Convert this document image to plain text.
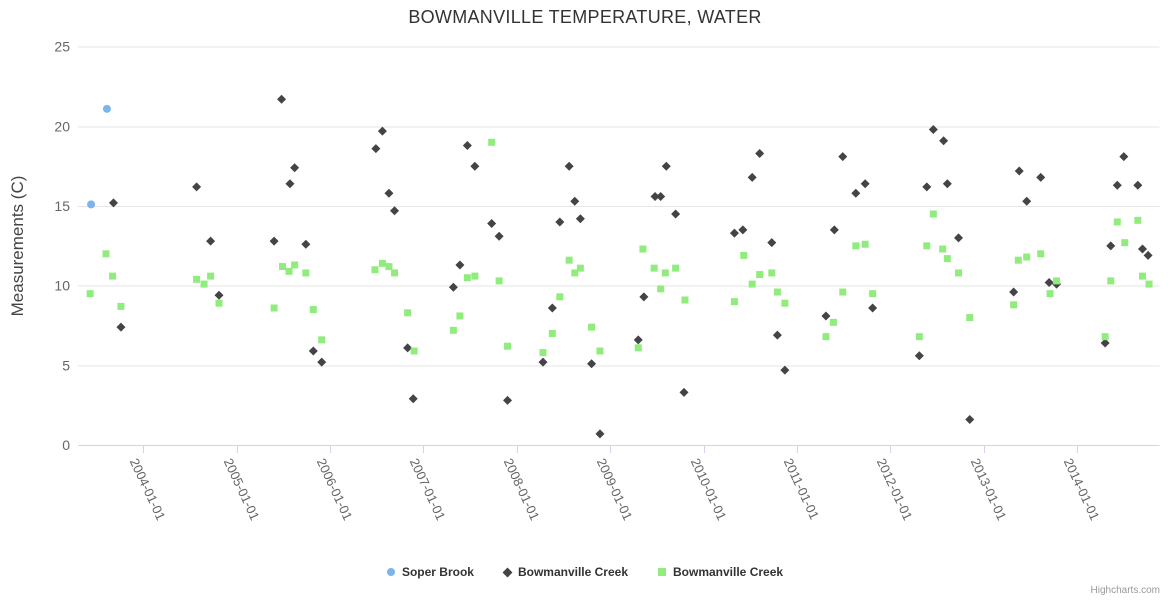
BOWMANVILLE TEMPERATURE, WATER
0
5
10
15
20
25
2004-01-01	2005-01-01	2006-01-01	2007-01-01	2008-01-01	2009-01-01	2010-01-01	2011-01-01	2012-01-01	2013-01-01	2014-01-01
Measurements (C)
Soper Brook	Bowmanville Creek	Bowmanville Creek
Highcharts.com
